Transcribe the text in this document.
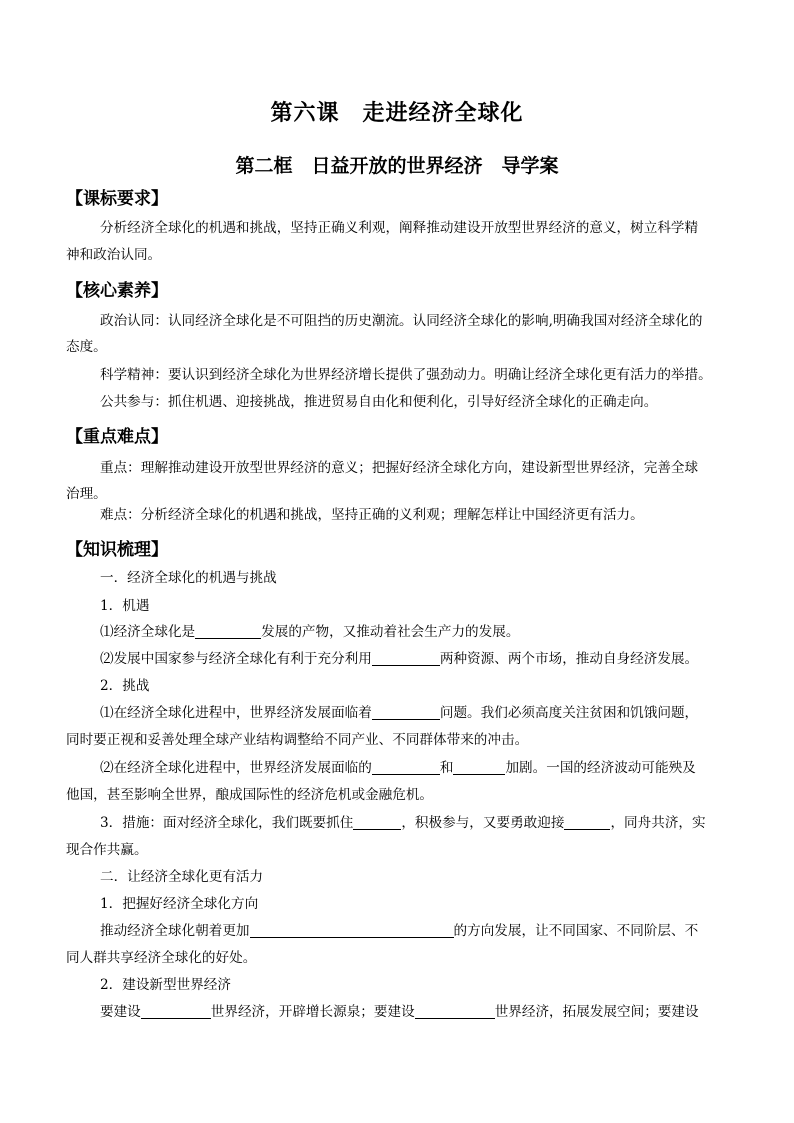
第六课　走进经济全球化
第二框　日益开放的世界经济　导学案
【课标要求】
分析经济全球化的机遇和挑战，坚持正确义利观，阐释推动建设开放型世界经济的意义，树立科学精
神和政治认同。
【核心素养】
政治认同：认同经济全球化是不可阻挡的历史潮流。认同经济全球化的影响,明确我国对经济全球化的
态度。
科学精神：要认识到经济全球化为世界经济增长提供了强劲动力。明确让经济全球化更有活力的举措。
公共参与：抓住机遇、迎接挑战，推进贸易自由化和便利化，引导好经济全球化的正确走向。
【重点难点】
重点：理解推动建设开放型世界经济的意义；把握好经济全球化方向，建设新型世界经济，完善全球
治理。
难点：分析经济全球化的机遇和挑战，坚持正确的义利观；理解怎样让中国经济更有活力。
【知识梳理】
一．经济全球化的机遇与挑战
1．机遇
⑴经济全球化是	发展的产物，又推动着社会生产力的发展。
⑵发展中国家参与经济全球化有利于充分利用	两种资源、两个市场，推动自身经济发展。
2．挑战
⑴在经济全球化进程中，世界经济发展面临着	问题。我们必须高度关注贫困和饥饿问题，
同时要正视和妥善处理全球产业结构调整给不同产业、不同群体带来的冲击。
⑵在经济全球化进程中，世界经济发展面临的	和	加剧。一国的经济波动可能殃及
他国，甚至影响全世界，酿成国际性的经济危机或金融危机。
3．措施：面对经济全球化，我们既要抓住	，积极参与，又要勇敢迎接	，同舟共济，实
现合作共赢。
二．让经济全球化更有活力
1．把握好经济全球化方向
推动经济全球化朝着更加	的方向发展，让不同国家、不同阶层、不
同人群共享经济全球化的好处。
2．建设新型世界经济
要建设	世界经济，开辟增长源泉；要建设	世界经济，拓展发展空间；要建设
